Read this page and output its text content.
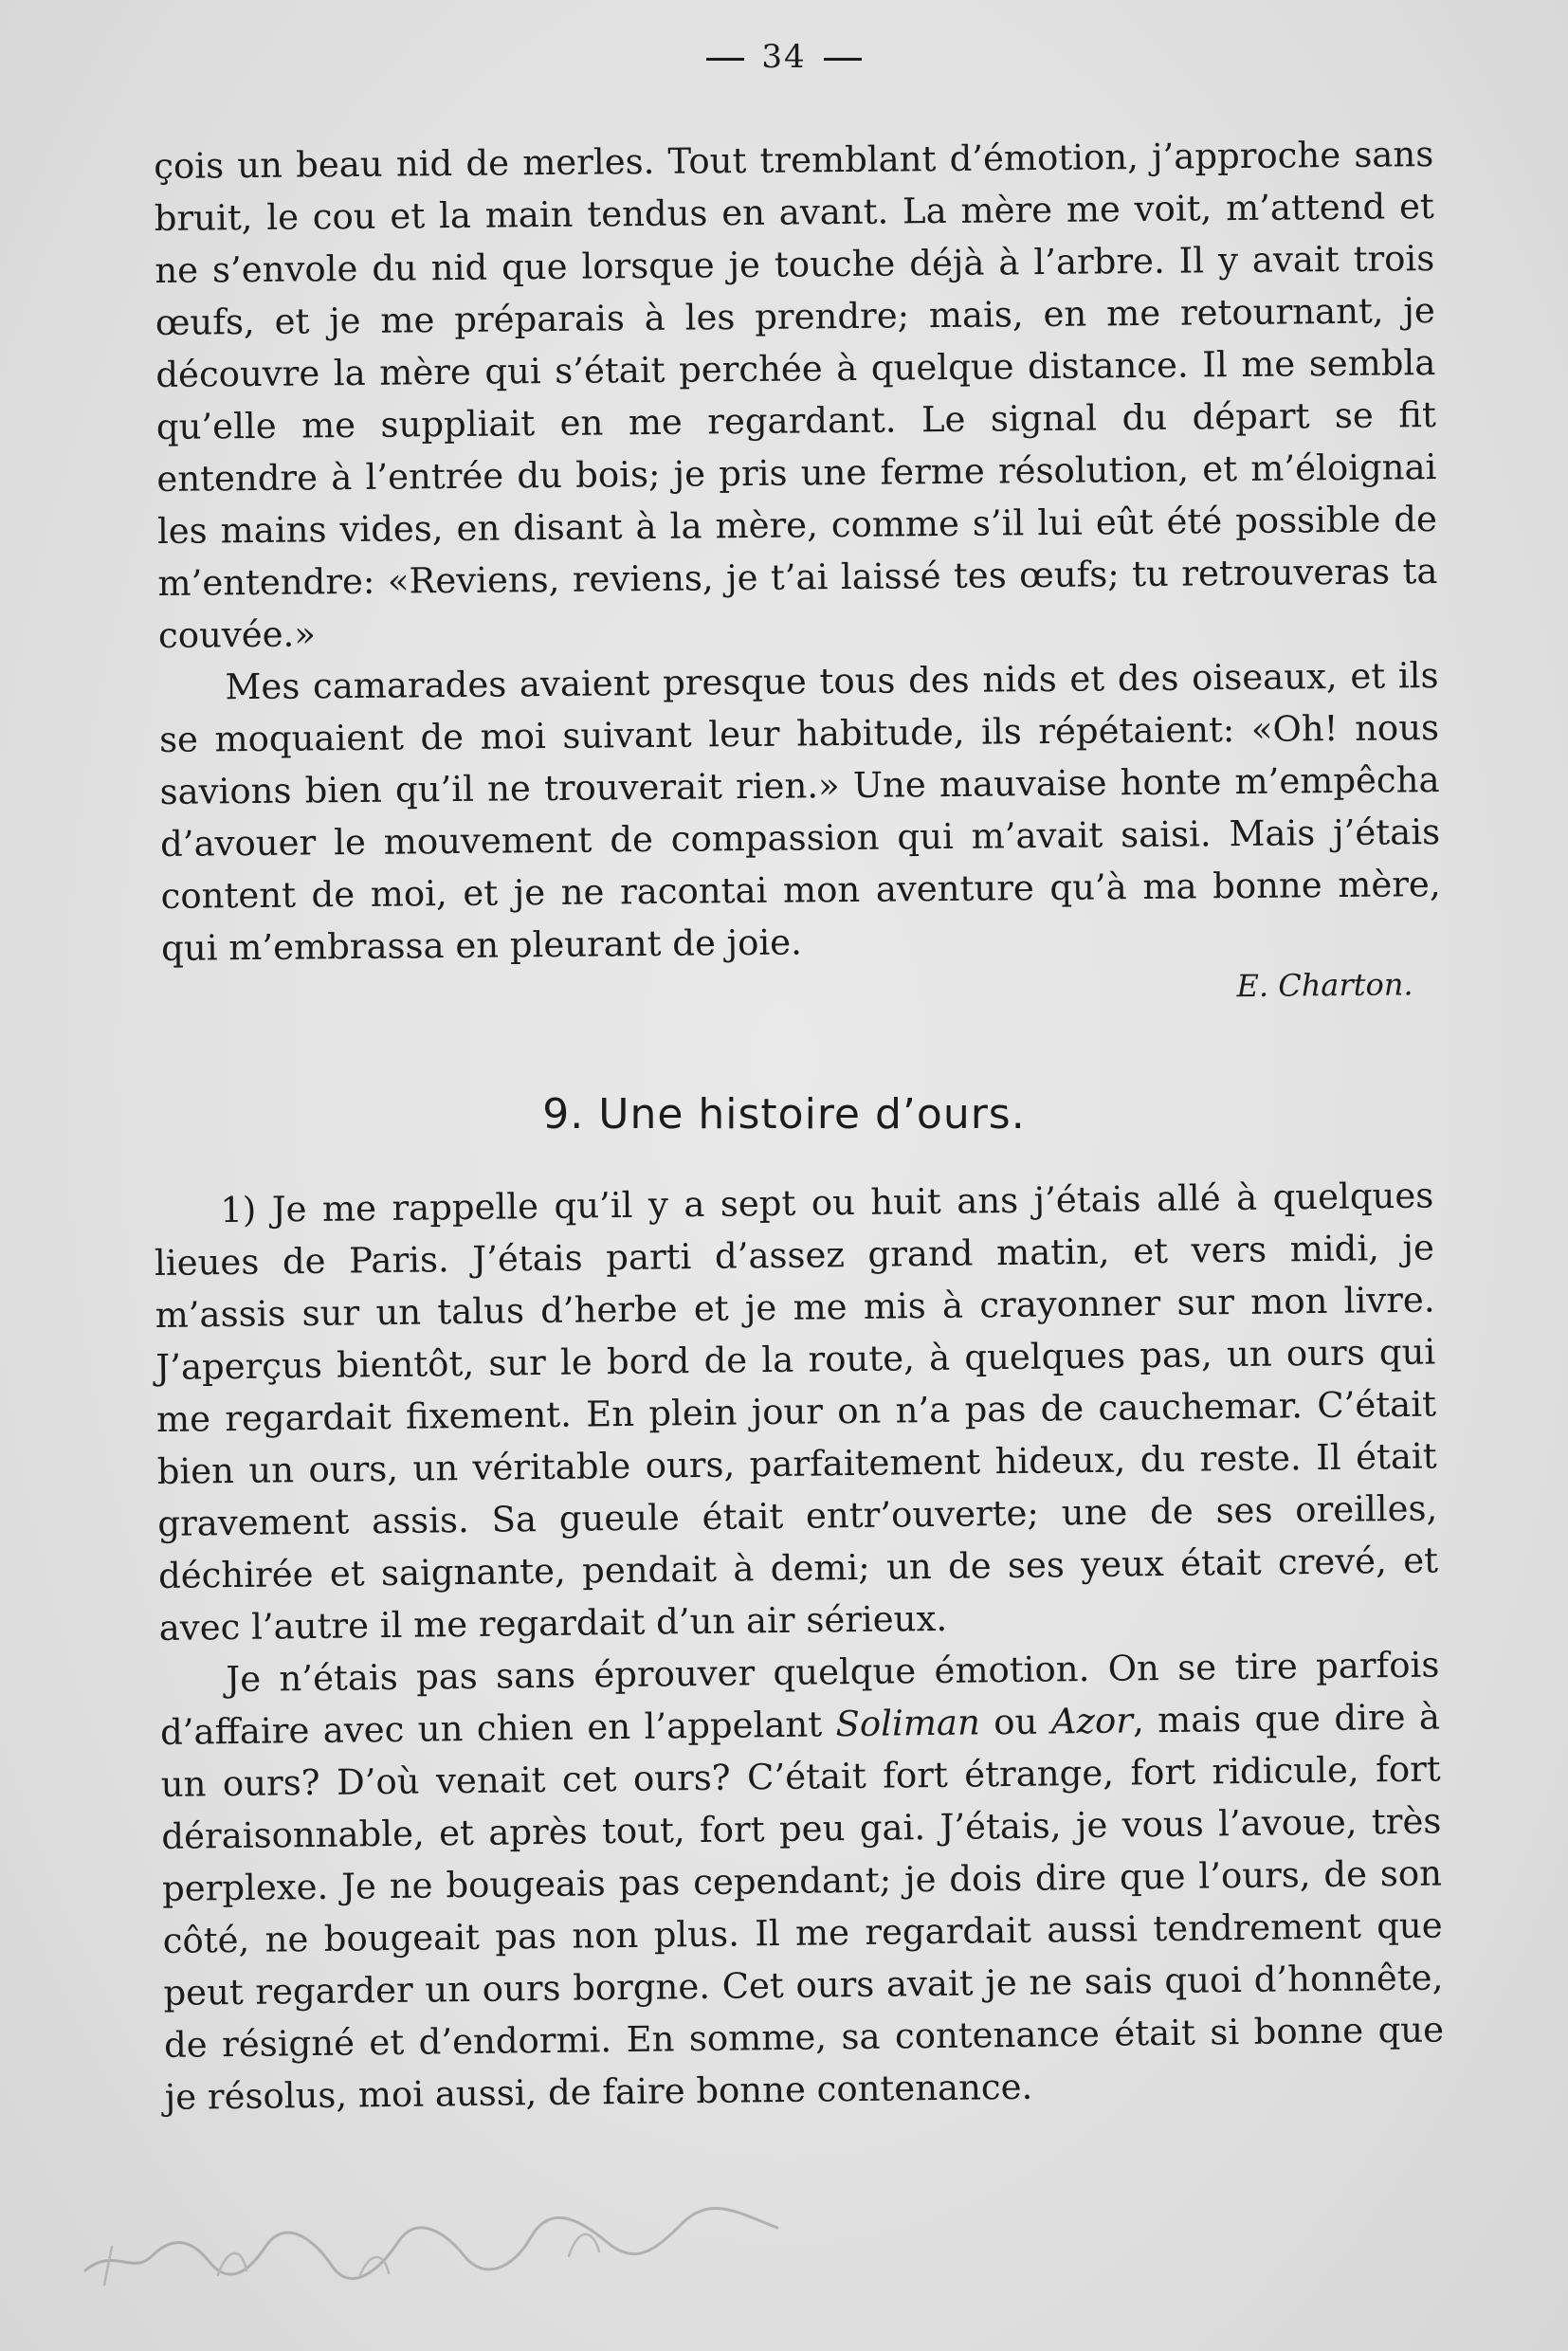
34

çois un beau nid de merles. Tout tremblant d’émotion, j’approche sans bruit, le cou et la main tendus en avant. La mère me voit, m’attend et ne s’envole du nid que lorsque je touche déjà à l’arbre. Il y avait trois œufs, et je me préparais à les prendre; mais, en me retournant, je découvre la mère qui s’était perchée à quelque distance. Il me sembla qu’elle me suppliait en me regardant. Le signal du départ se fit entendre à l’entrée du bois; je pris une ferme résolution, et m’éloignai les mains vides, en disant à la mère, comme s’il lui eût été possible de m’entendre: «Reviens, reviens, je t’ai laissé tes œufs; tu retrouveras ta couvée.»

Mes camarades avaient presque tous des nids et des oiseaux, et ils se moquaient de moi suivant leur habitude, ils répétaient: «Oh! nous savions bien qu’il ne trouverait rien.» Une mauvaise honte m’empêcha d’avouer le mouvement de compassion qui m’avait saisi. Mais j’étais content de moi, et je ne racontai mon aventure qu’à ma bonne mère, qui m’embrassa en pleurant de joie.

E. Charton.

9. Une histoire d’ours.

1) Je me rappelle qu’il y a sept ou huit ans j’étais allé à quelques lieues de Paris. J’étais parti d’assez grand matin, et vers midi, je m’assis sur un talus d’herbe et je me mis à crayonner sur mon livre. J’aperçus bientôt, sur le bord de la route, à quelques pas, un ours qui me regardait fixement. En plein jour on n’a pas de cauchemar. C’était bien un ours, un véritable ours, parfaitement hideux, du reste. Il était gravement assis. Sa gueule était entr’ouverte; une de ses oreilles, déchirée et saignante, pendait à demi; un de ses yeux était crevé, et avec l’autre il me regardait d’un air sérieux.

Je n’étais pas sans éprouver quelque émotion. On se tire parfois d’affaire avec un chien en l’appelant Soliman ou Azor, mais que dire à un ours? D’où venait cet ours? C’était fort étrange, fort ridicule, fort déraisonnable, et après tout, fort peu gai. J’étais, je vous l’avoue, très perplexe. Je ne bougeais pas cependant; je dois dire que l’ours, de son côté, ne bougeait pas non plus. Il me regardait aussi tendrement que peut regarder un ours borgne. Cet ours avait je ne sais quoi d’honnête, de résigné et d’endormi. En somme, sa contenance était si bonne que je résolus, moi aussi, de faire bonne contenance.
